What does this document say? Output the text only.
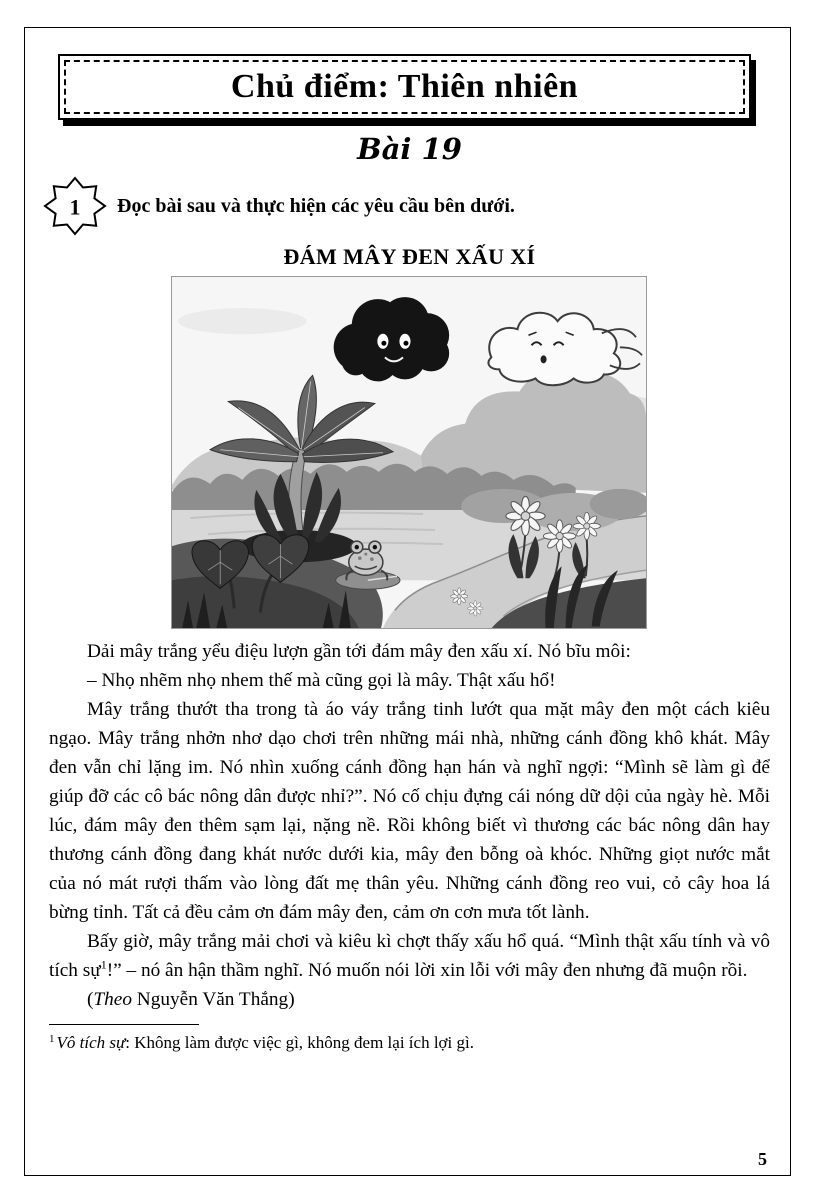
Chủ điểm: Thiên nhiên
Bài 19
1 Đọc bài sau và thực hiện các yêu cầu bên dưới.

ĐÁM MÂY ĐEN XẤU XÍ

Dải mây trắng yểu điệu lượn gần tới đám mây đen xấu xí. Nó bĩu môi:

– Nhọ nhẽm nhọ nhem thế mà cũng gọi là mây. Thật xấu hổ!

Mây trắng thướt tha trong tà áo váy trắng tinh lướt qua mặt mây đen một cách kiêu ngạo. Mây trắng nhởn nhơ dạo chơi trên những mái nhà, những cánh đồng khô khát. Mây đen vẫn chỉ lặng im. Nó nhìn xuống cánh đồng hạn hán và nghĩ ngợi: “Mình sẽ làm gì để giúp đỡ các cô bác nông dân được nhỉ?”. Nó cố chịu đựng cái nóng dữ dội của ngày hè. Mỗi lúc, đám mây đen thêm sạm lại, nặng nề. Rồi không biết vì thương các bác nông dân hay thương cánh đồng đang khát nước dưới kia, mây đen bỗng oà khóc. Những giọt nước mắt của nó mát rượi thấm vào lòng đất mẹ thân yêu. Những cánh đồng reo vui, cỏ cây hoa lá bừng tỉnh. Tất cả đều cảm ơn đám mây đen, cảm ơn cơn mưa tốt lành.

Bấy giờ, mây trắng mải chơi và kiêu kì chợt thấy xấu hổ quá. “Mình thật xấu tính và vô tích sự$^1$!” – nó ân hận thầm nghĩ. Nó muốn nói lời xin lỗi với mây đen nhưng đã muộn rồi.

(Theo Nguyễn Văn Thắng)

$^1$ Vô tích sự: Không làm được việc gì, không đem lại ích lợi gì.

5
